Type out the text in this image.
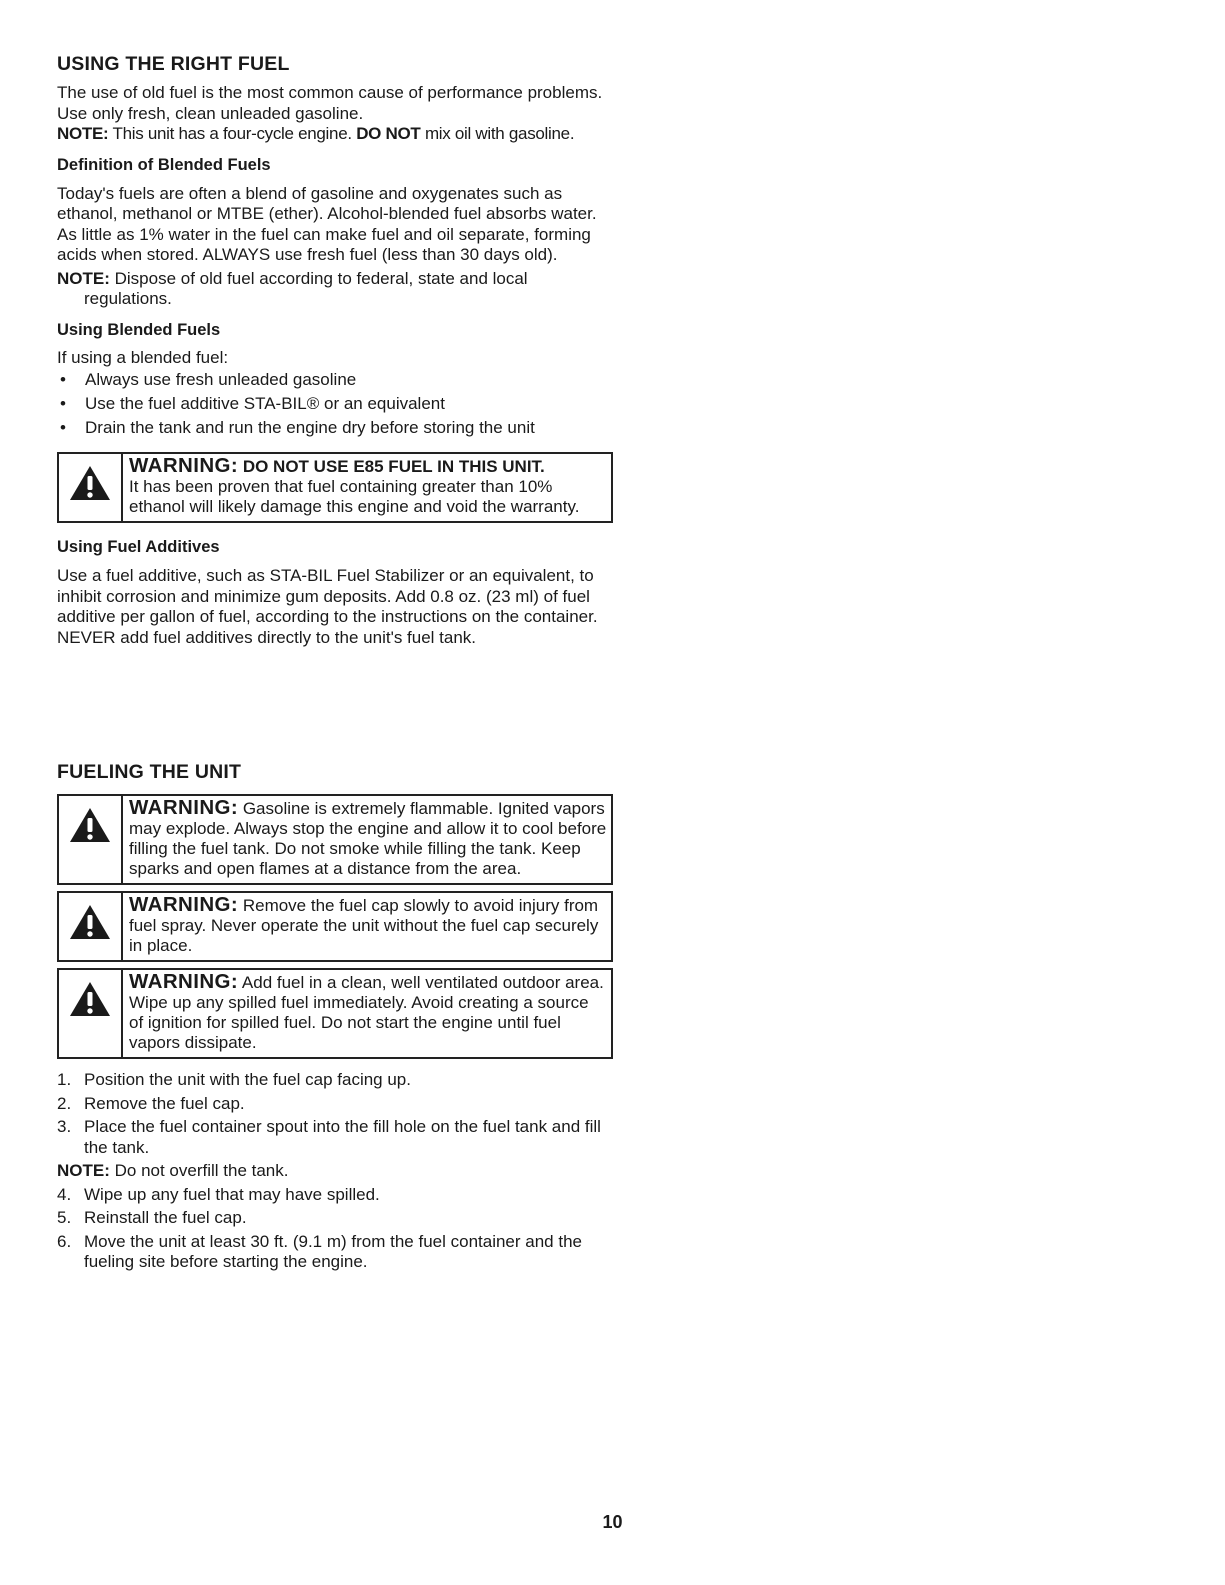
USING THE RIGHT FUEL

The use of old fuel is the most common cause of performance problems. Use only fresh, clean unleaded gasoline.

NOTE: This unit has a four-cycle engine. DO NOT mix oil with gasoline.

Definition of Blended Fuels

Today's fuels are often a blend of gasoline and oxygenates such as ethanol, methanol or MTBE (ether). Alcohol-blended fuel absorbs water. As little as 1% water in the fuel can make fuel and oil separate, forming acids when stored. ALWAYS use fresh fuel (less than 30 days old).

NOTE: Dispose of old fuel according to federal, state and local regulations.

Using Blended Fuels

If using a blended fuel:

• Always use fresh unleaded gasoline
• Use the fuel additive STA-BIL® or an equivalent
• Drain the tank and run the engine dry before storing the unit
WARNING: DO NOT USE E85 FUEL IN THIS UNIT.
It has been proven that fuel containing greater than 10% ethanol will likely damage this engine and void the warranty.
Using Fuel Additives

Use a fuel additive, such as STA-BIL Fuel Stabilizer or an equivalent, to inhibit corrosion and minimize gum deposits. Add 0.8 oz. (23 ml) of fuel additive per gallon of fuel, according to the instructions on the container. NEVER add fuel additives directly to the unit's fuel tank.

FUELING THE UNIT
WARNING: Gasoline is extremely flammable. Ignited vapors may explode. Always stop the engine and allow it to cool before filling the fuel tank. Do not smoke while filling the tank. Keep sparks and open flames at a distance from the area.
WARNING: Remove the fuel cap slowly to avoid injury from fuel spray. Never operate the unit without the fuel cap securely in place.
WARNING: Add fuel in a clean, well ventilated outdoor area. Wipe up any spilled fuel immediately. Avoid creating a source of ignition for spilled fuel. Do not start the engine until fuel vapors dissipate.
1. Position the unit with the fuel cap facing up.
2. Remove the fuel cap.
3. Place the fuel container spout into the fill hole on the fuel tank and fill the tank.

NOTE: Do not overfill the tank.

4. Wipe up any fuel that may have spilled.
5. Reinstall the fuel cap.
6. Move the unit at least 30 ft. (9.1 m) from the fuel container and the fueling site before starting the engine.
10
